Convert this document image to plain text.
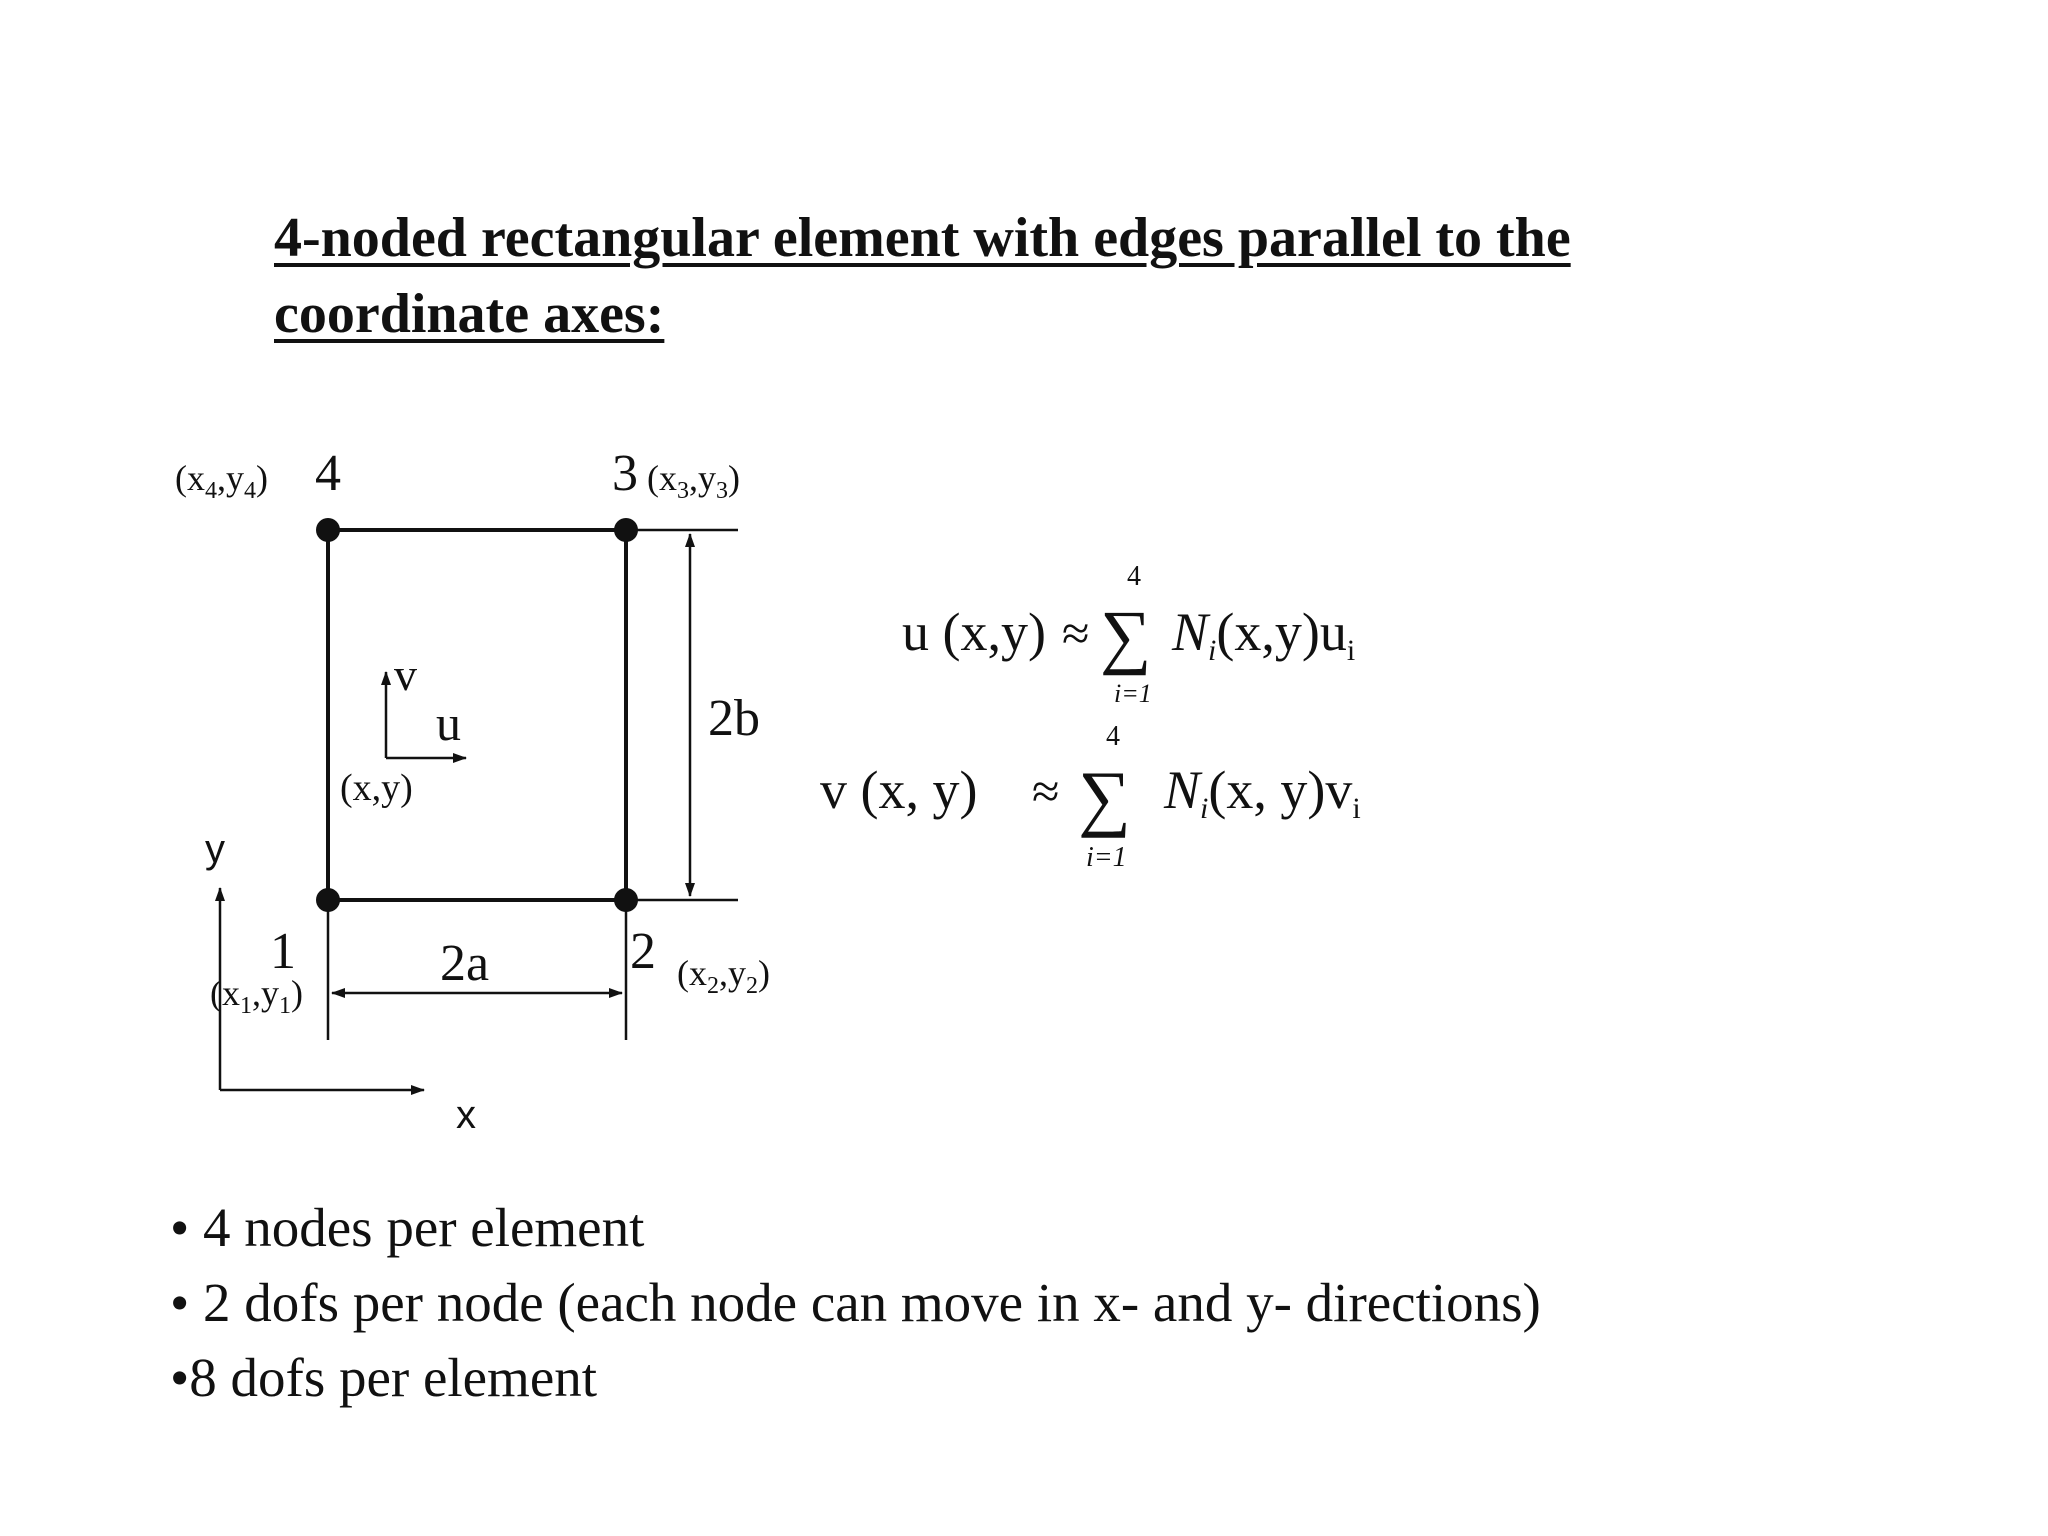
4-noded rectangular element with edges parallel to the
coordinate axes:
4
$(x_4,y_4)$	3 $(x_3,y_3)$
1
$(x_1,y_1)$
2 $(x_2,y_2)$
2a
2b
v
u
(x,y)
y
x
u (x,y) ≈
4
∑
i=1
Ni(x,y)ui
v (x, y) ≈
4
∑
i=1
Ni(x, y)vi
• 4 nodes per element
• 2 dofs per node (each node can move in x- and y- directions)
•8 dofs per element
